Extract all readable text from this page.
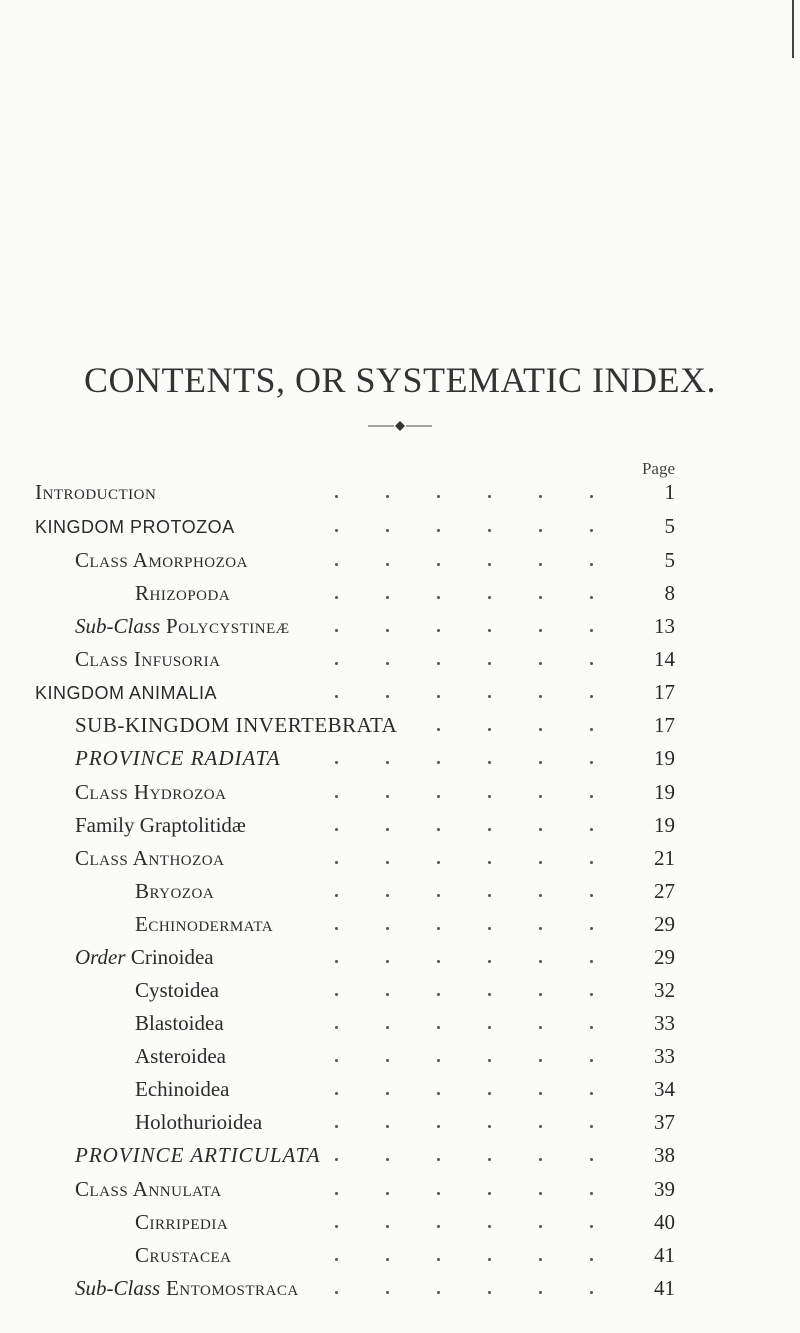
CONTENTS, OR SYSTEMATIC INDEX.
Page
Introduction	1
KINGDOM PROTOZOA	5
Class Amorphozoa	5
Rhizopoda	8
Sub-Class Polycystineæ	13
Class Infusoria	14
KINGDOM ANIMALIA	17
SUB-KINGDOM INVERTEBRATA	17
PROVINCE RADIATA	19
Class Hydrozoa	19
Family Graptolitidæ	19
Class Anthozoa	21
Bryozoa	27
Echinodermata	29
Order Crinoidea	29
Cystoidea	32
Blastoidea	33
Asteroidea	33
Echinoidea	34
Holothurioidea	37
PROVINCE ARTICULATA	38
Class Annulata	39
Cirripedia	40
Crustacea	41
Sub-Class Entomostraca	41
